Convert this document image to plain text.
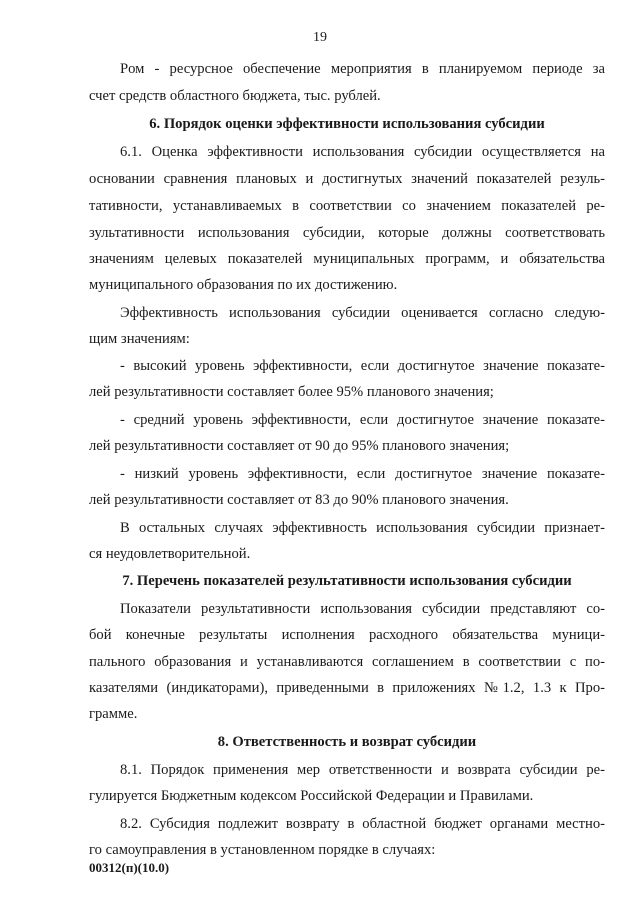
19
Pом - ресурсное обеспечение мероприятия в планируемом периоде за
счет средств областного бюджета, тыс. рублей.
6. Порядок оценки эффективности использования субсидии
6.1. Оценка эффективности использования субсидии осуществляется на
основании сравнения плановых и достигнутых значений показателей резуль-
тативности, устанавливаемых в соответствии со значением показателей ре-
зультативности использования субсидии, которые должны соответствовать
значениям целевых показателей муниципальных программ, и обязательства
муниципального образования по их достижению.
Эффективность использования субсидии оценивается согласно следую-
щим значениям:
- высокий уровень эффективности, если достигнутое значение показате-
лей результативности составляет более 95% планового значения;
- средний уровень эффективности, если достигнутое значение показате-
лей результативности составляет от 90 до 95% планового значения;
- низкий уровень эффективности, если достигнутое значение показате-
лей результативности составляет от 83 до 90% планового значения.
В остальных случаях эффективность использования субсидии признает-
ся неудовлетворительной.
7. Перечень показателей результативности использования субсидии
Показатели результативности использования субсидии представляют со-
бой конечные результаты исполнения расходного обязательства муници-
пального образования и устанавливаются соглашением в соответствии с по-
казателями (индикаторами), приведенными в приложениях №1.2, 1.3 к Про-
грамме.
8. Ответственность и возврат субсидии
8.1. Порядок применения мер ответственности и возврата субсидии ре-
гулируется Бюджетным кодексом Российской Федерации и Правилами.
8.2. Субсидия подлежит возврату в областной бюджет органами местно-
го самоуправления в установленном порядке в случаях:
00312(п)(10.0)
